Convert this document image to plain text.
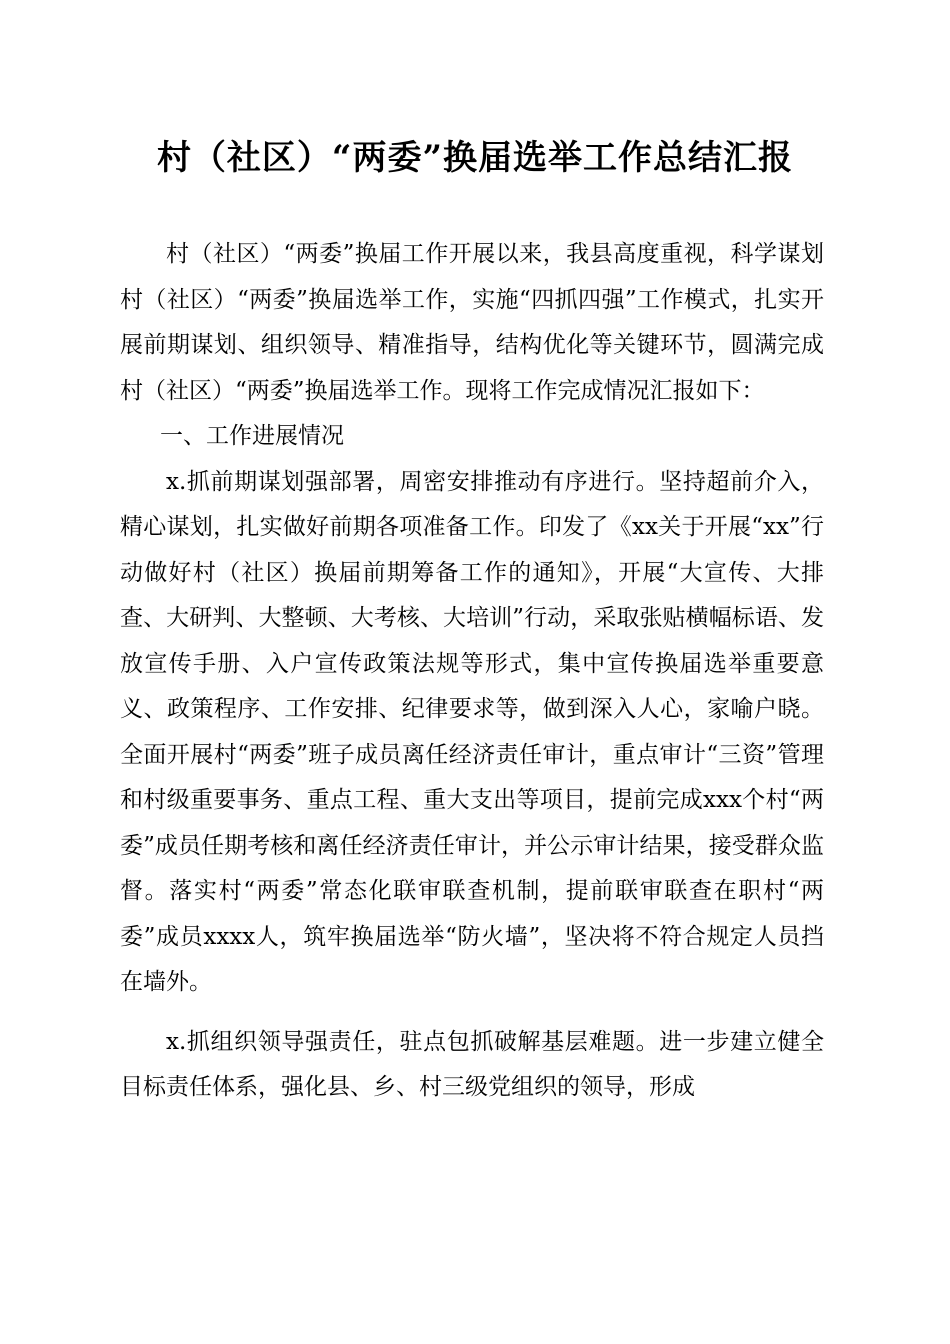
村（社区）“两委”换届选举工作总结汇报

村（社区）“两委”换届工作开展以来，我县高度重视，科学谋划村（社区）“两委”换届选举工作，实施“四抓四强”工作模式，扎实开展前期谋划、组织领导、精准指导，结构优化等关键环节，圆满完成村（社区）“两委”换届选举工作。现将工作完成情况汇报如下：

一、工作进展情况

x.抓前期谋划强部署，周密安排推动有序进行。坚持超前介入，精心谋划，扎实做好前期各项准备工作。印发了《xx关于开展“xx”行动做好村（社区）换届前期筹备工作的通知》，开展“大宣传、大排查、大研判、大整顿、大考核、大培训”行动，采取张贴横幅标语、发放宣传手册、入户宣传政策法规等形式，集中宣传换届选举重要意义、政策程序、工作安排、纪律要求等，做到深入人心，家喻户晓。全面开展村“两委”班子成员离任经济责任审计，重点审计“三资”管理和村级重要事务、重点工程、重大支出等项目，提前完成xxx个村“两委”成员任期考核和离任经济责任审计，并公示审计结果，接受群众监督。落实村“两委”常态化联审联查机制，提前联审联查在职村“两委”成员xxxx人，筑牢换届选举“防火墙”，坚决将不符合规定人员挡在墙外。

x.抓组织领导强责任，驻点包抓破解基层难题。进一步建立健全目标责任体系，强化县、乡、村三级党组织的领导，形成
